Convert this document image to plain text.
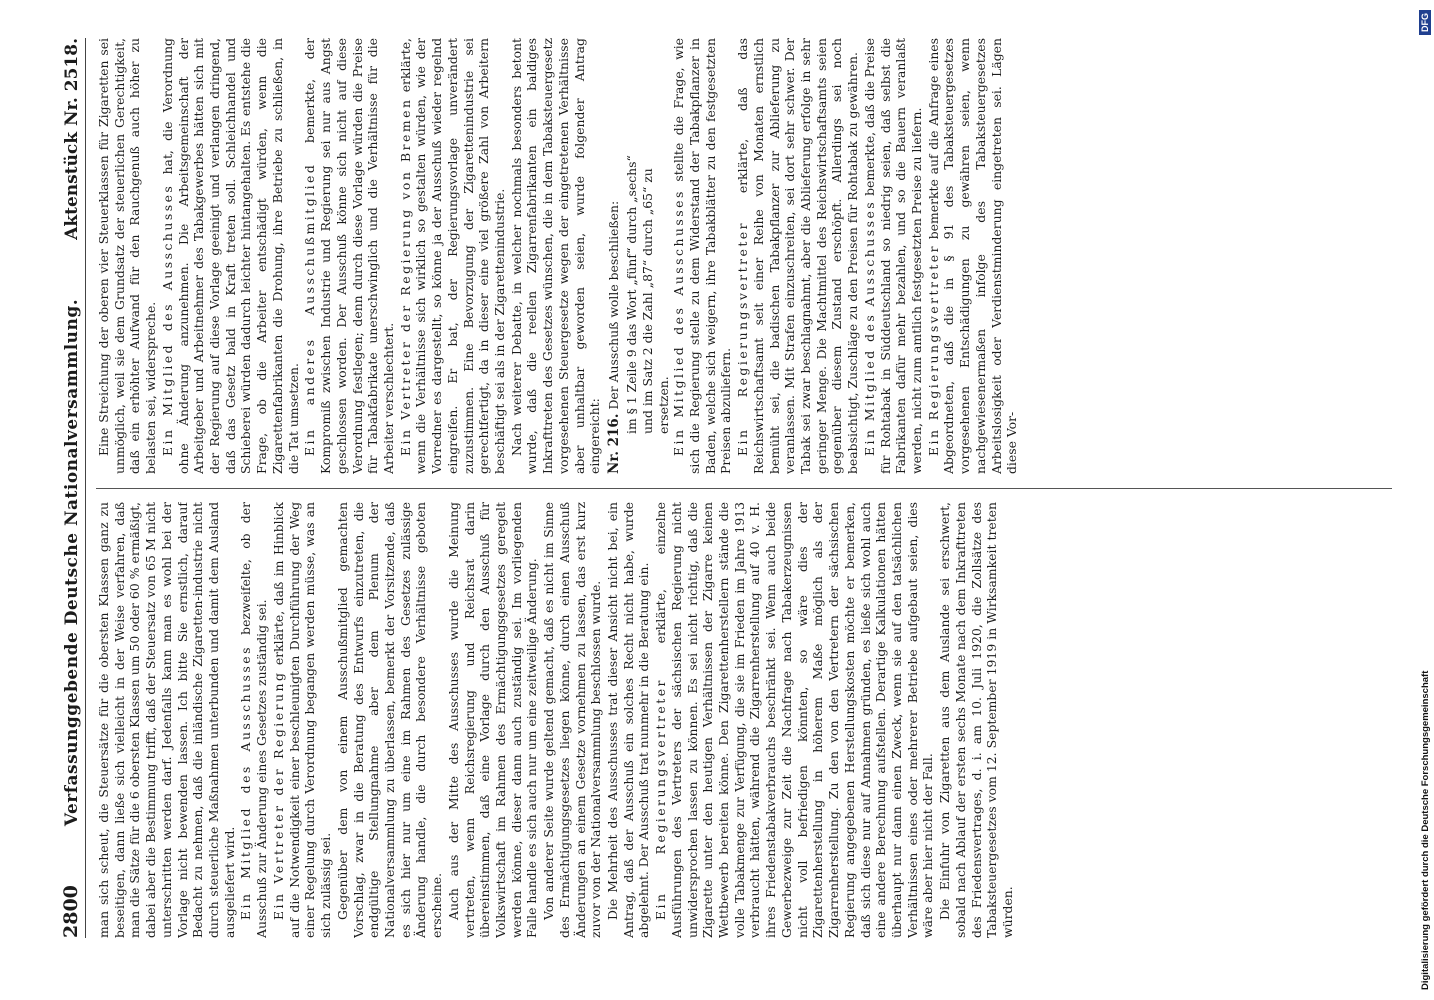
2800
Verfassunggebende Deutsche Nationalversammlung.
Aktenstück Nr. 2518.

man sich scheut, die Steuersätze für die obersten Klassen ganz zu beseitigen, dann ließe sich vielleicht in der Weise verfahren, daß man die Sätze für die 6 obersten Klassen um 50 oder 60 % ermäßigt, dabei aber die Bestimmung trifft, daß der Steuersatz von 65 M nicht unterschritten werden darf. Jedenfalls kann man es wohl bei der Vorlage nicht bewenden lassen. Ich bitte Sie ernstlich, darauf Bedacht zu nehmen, daß die inländische Zigaretten-industrie nicht durch steuerliche Maßnahmen unterbunden und damit dem Ausland ausgeliefert wird. Ein Mitglied des Ausschusses bezweifelte, ob der Ausschuß zur Änderung eines Gesetzes zuständig sei. Ein Vertreter der Regierung erklärte, daß im Hinblick auf die Notwendigkeit einer beschleunigten Durchführung der Weg einer Regelung durch Verordnung begangen werden müsse, was an sich zulässig sei. Gegenüber dem von einem Ausschußmitglied gemachten Vorschlag, zwar in die Beratung des Entwurfs einzutreten, die endgültige Stellungnahme aber dem Plenum der Nationalversammlung zu überlassen, bemerkt der Vorsitzende, daß es sich hier nur um eine im Rahmen des Gesetzes zulässige Änderung handle, die durch besondere Verhältnisse geboten erscheine. Auch aus der Mitte des Ausschusses wurde die Meinung vertreten, wenn Reichsregierung und Reichsrat darin übereinstimmen, daß eine Vorlage durch den Ausschuß für Volkswirtschaft im Rahmen des Ermächtigungsgesetzes geregelt werden könne, dieser dann auch zuständig sei. Im vorliegenden Falle handle es sich auch nur um eine zeitweilige Änderung. Von anderer Seite wurde geltend gemacht, daß es nicht im Sinne des Ermächtigungsgesetzes liegen könne, durch einen Ausschuß Änderungen an einem Gesetze vornehmen zu lassen, das erst kurz zuvor von der Nationalversammlung beschlossen wurde. Die Mehrheit des Ausschusses trat dieser Ansicht nicht bei, ein Antrag, daß der Ausschuß ein solches Recht nicht habe, wurde abgelehnt. Der Ausschuß trat nunmehr in die Beratung ein. Ein Regierungsvertreter erklärte, einzelne Ausführungen des Vertreters der sächsischen Regierung nicht unwidersprochen lassen zu können. Es sei nicht richtig, daß die Zigarette unter den heutigen Verhältnissen der Zigarre keinen Wettbewerb bereiten könne. Den Zigarettenherstellern stände die volle Tabakmenge zur Verfügung, die sie im Frieden im Jahre 1913 verbraucht hätten, während die Zigarrenherstellung auf 40 v. H. ihres Friedenstabakverbrauchs beschränkt sei. Wenn auch beide Gewerbezweige zur Zeit die Nachfrage nach Tabakerzeugnissen nicht voll befriedigen könnten, so wäre dies der Zigarettenherstellung in höherem Maße möglich als der Zigarrenherstellung. Zu den von den Vertretern der sächsischen Regierung angegebenen Herstellungskosten möchte er bemerken, daß sich diese nur auf Annahmen gründen, es ließe sich wohl auch eine andere Berechnung aufstellen. Derartige Kalkulationen hätten überhaupt nur dann einen Zweck, wenn sie auf den tatsächlichen Verhältnissen eines oder mehrerer Betriebe aufgebaut seien, dies wäre aber hier nicht der Fall. Die Einfuhr von Zigaretten aus dem Auslande sei erschwert, sobald nach Ablauf der ersten sechs Monate nach dem Inkrafttreten des Friedensvertrages, d. i. am 10. Juli 1920, die Zollsätze des Tabaksteuergesetzes vom 12. September 1919 in Wirksamkeit treten würden.

Eine Streichung der oberen vier Steuerklassen für Zigaretten sei unmöglich, weil sie dem Grundsatz der steuerlichen Gerechtigkeit, daß ein erhöhter Aufwand für den Rauchgenuß auch höher zu belasten sei, widerspreche. Ein Mitglied des Ausschusses hat, die Verordnung ohne Änderung anzunehmen. Die Arbeitsgemeinschaft der Arbeitgeber und Arbeitnehmer des Tabakgewerbes hätten sich mit der Regierung auf diese Vorlage geeinigt und verlangen dringend, daß das Gesetz bald in Kraft treten soll. Schleichhandel und Schieberei würden dadurch leichter hintangehalten. Es entstehe die Frage, ob die Arbeiter entschädigt würden, wenn die Zigarettenfabrikanten die Drohung, ihre Betriebe zu schließen, in die Tat umsetzen. Ein anderes Ausschußmitglied bemerkte, der Kompromiß zwischen Industrie und Regierung sei nur aus Angst geschlossen worden. Der Ausschuß könne sich nicht auf diese Verordnung festlegen; denn durch diese Vorlage würden die Preise für Tabakfabrikate unerschwinglich und die Verhältnisse für die Arbeiter verschlechtert. Ein Vertreter der Regierung von Bremen erklärte, wenn die Verhältnisse sich wirklich so gestalten würden, wie der Vorredner es dargestellt, so könne ja der Ausschuß wieder regelnd eingreifen. Er bat, der Regierungsvorlage unverändert zuzustimmen. Eine Bevorzugung der Zigarettenindustrie sei gerechtfertigt, da in dieser eine viel größere Zahl von Arbeitern beschäftigt sei als in der Zigarettenindustrie. Nach weiterer Debatte, in welcher nochmals besonders betont wurde, daß die reellen Zigarrenfabrikanten ein baldiges Inkrafttreten des Gesetzes wünschen, die in dem Tabaksteuergesetz vorgesehenen Steuergesetze wegen der eingetretenen Verhältnisse aber unhaltbar geworden seien, wurde folgender Antrag eingereicht: Nr. 216. Der Ausschuß wolle beschließen: im § 1 Zeile 9 das Wort „fünf“ durch „sechs“ und im Satz 2 die Zahl „87“ durch „65“ zu ersetzen. Ein Mitglied des Ausschusses stellte die Frage, wie sich die Regierung stelle zu dem Widerstand der Tabakpflanzer in Baden, welche sich weigern, ihre Tabakblätter zu den festgesetzten Preisen abzuliefern. Ein Regierungsvertreter erklärte, daß das Reichswirtschaftsamt seit einer Reihe von Monaten ernstlich bemüht sei, die badischen Tabakpflanzer zur Ablieferung zu veranlassen. Mit Strafen einzuschreiten, sei dort sehr schwer. Der Tabak sei zwar beschlagnahmt, aber die Ablieferung erfolge in sehr geringer Menge. Die Machtmittel des Reichswirtschaftsamts seien gegenüber diesem Zustand erschöpft. Allerdings sei noch beabsichtigt, Zuschläge zu den Preisen für Rohtabak zu gewähren. Ein Mitglied des Ausschusses bemerkte, daß die Preise für Rohtabak in Süddeutschland so niedrig seien, daß selbst die Fabrikanten dafür mehr bezahlen, und so die Bauern veranlaßt werden, nicht zum amtlich festgesetzten Preise zu liefern. Ein Regierungsvertreter bemerkte auf die Anfrage eines Abgeordneten, daß die in § 91 des Tabaksteuergesetzes vorgesehenen Entschädigungen zu gewähren seien, wenn nachgewiesenermaßen infolge des Tabaksteuergesetzes Arbeitslosigkeit oder Verdienstminderung eingetreten sei. Lägen diese Vor-

Digitalisierung gefördert durch die Deutsche Forschungsgemeinschaft
DFG
